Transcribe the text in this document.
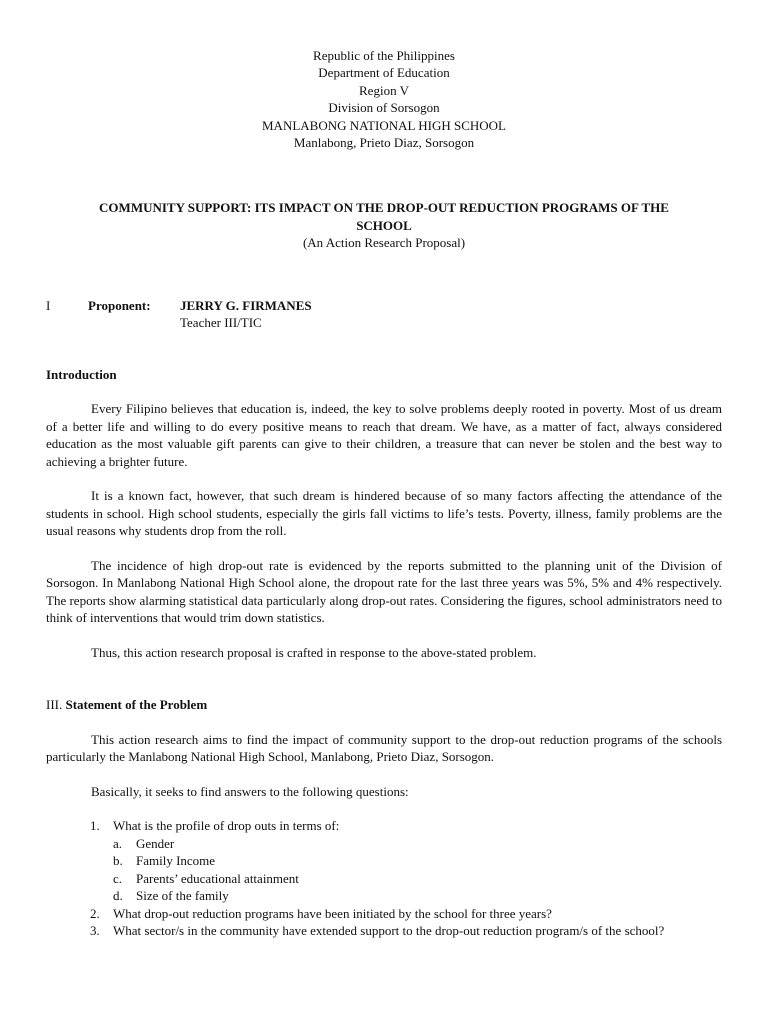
Republic of the Philippines
Department of Education
Region V
Division of Sorsogon
MANLABONG NATIONAL HIGH SCHOOL
Manlabong, Prieto Diaz, Sorsogon
COMMUNITY SUPPORT: ITS IMPACT ON THE DROP-OUT REDUCTION PROGRAMS OF THE
SCHOOL
(An Action Research Proposal)
I	Proponent: JERRY G. FIRMANES
Teacher III/TIC
Introduction

Every Filipino believes that education is, indeed, the key to solve problems deeply rooted in poverty. Most of us dream of a better life and willing to do every positive means to reach that dream. We have, as a matter of fact, always considered education as the most valuable gift parents can give to their children, a treasure that can never be stolen and the best way to achieving a brighter future.

It is a known fact, however, that such dream is hindered because of so many factors affecting the attendance of the students in school. High school students, especially the girls fall victims to life’s tests. Poverty, illness, family problems are the usual reasons why students drop from the roll.

The incidence of high drop-out rate is evidenced by the reports submitted to the planning unit of the Division of Sorsogon. In Manlabong National High School alone, the dropout rate for the last three years was 5%, 5% and 4% respectively. The reports show alarming statistical data particularly along drop-out rates. Considering the figures, school administrators need to think of interventions that would trim down statistics.

Thus, this action research proposal is crafted in response to the above-stated problem.

III. Statement of the Problem

This action research aims to find the impact of community support to the drop-out reduction programs of the schools particularly the Manlabong National High School, Manlabong, Prieto Diaz, Sorsogon.

Basically, it seeks to find answers to the following questions:

1. What is the profile of drop outs in terms of:
a. Gender
b. Family Income
c. Parents’ educational attainment
d. Size of the family
2. What drop-out reduction programs have been initiated by the school for three years?
3. What sector/s in the community have extended support to the drop-out reduction program/s of the school?
